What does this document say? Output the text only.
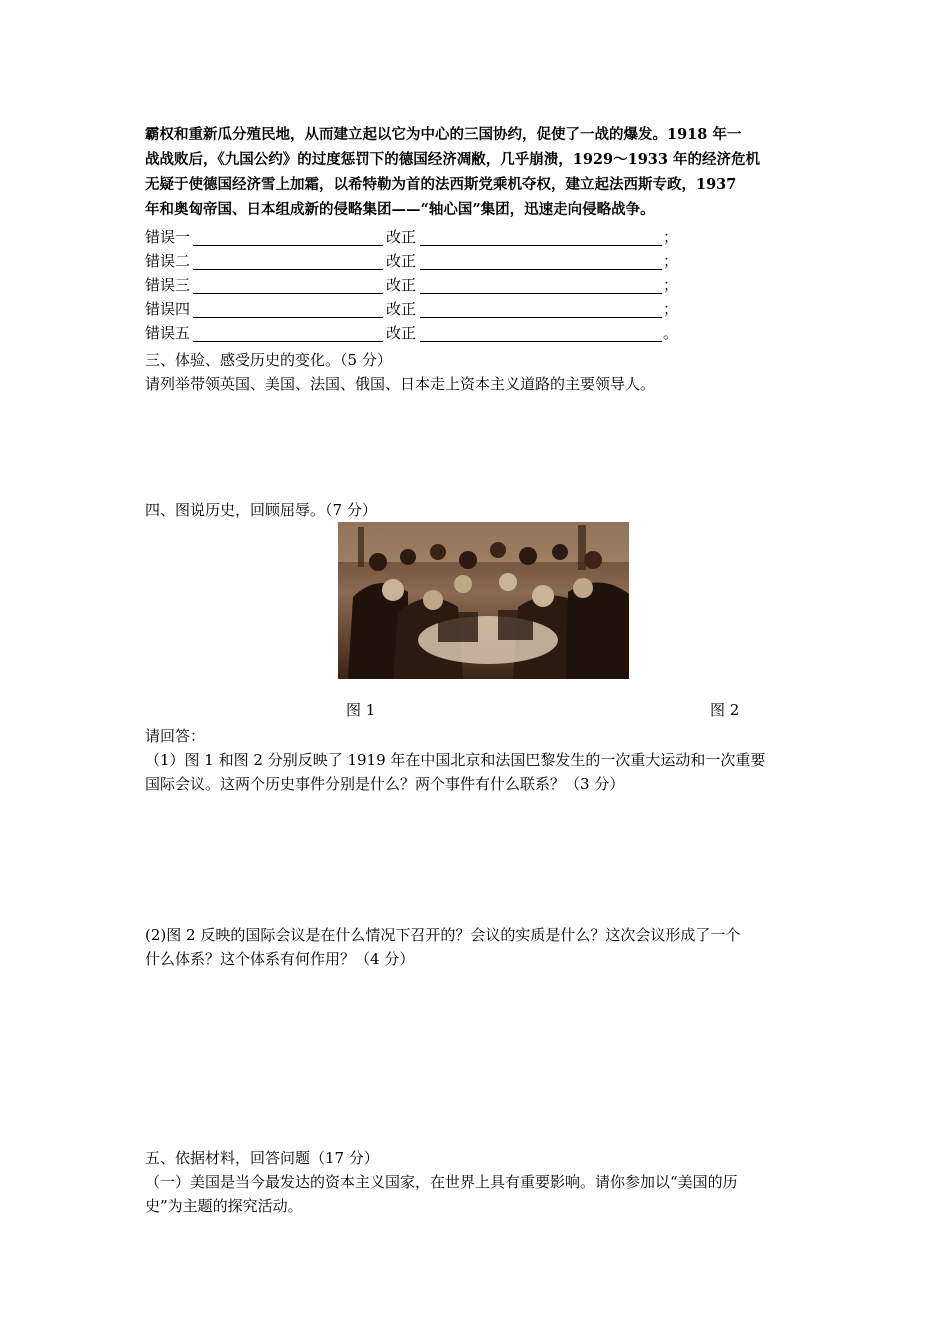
霸权和重新瓜分殖民地，从而建立起以它为中心的三国协约，促使了一战的爆发。1918 年一
战战败后，《九国公约》的过度惩罚下的德国经济凋敝，几乎崩溃，1929～1933 年的经济危机
无疑于使德国经济雪上加霜，以希特勒为首的法西斯党乘机夺权，建立起法西斯专政，1937
年和奥匈帝国、日本组成新的侵略集团——“轴心国”集团，迅速走向侵略战争。
错误一	改正	；
错误二	改正	；
错误三	改正	；
错误四	改正	；
错误五	改正	。
三、体验、感受历史的变化。（5 分）
请列举带领英国、美国、法国、俄国、日本走上资本主义道路的主要领导人。
四、图说历史，回顾屈辱。（7 分）
图 1	图 2
请回答：
（1）图 1 和图 2 分别反映了 1919 年在中国北京和法国巴黎发生的一次重大运动和一次重要
国际会议。这两个历史事件分别是什么？两个事件有什么联系？（3 分）
(2)图 2 反映的国际会议是在什么情况下召开的？会议的实质是什么？这次会议形成了一个
什么体系？这个体系有何作用？（4 分）
五、依据材料，回答问题（17 分）
（一）美国是当今最发达的资本主义国家，在世界上具有重要影响。请你参加以“美国的历
史”为主题的探究活动。
